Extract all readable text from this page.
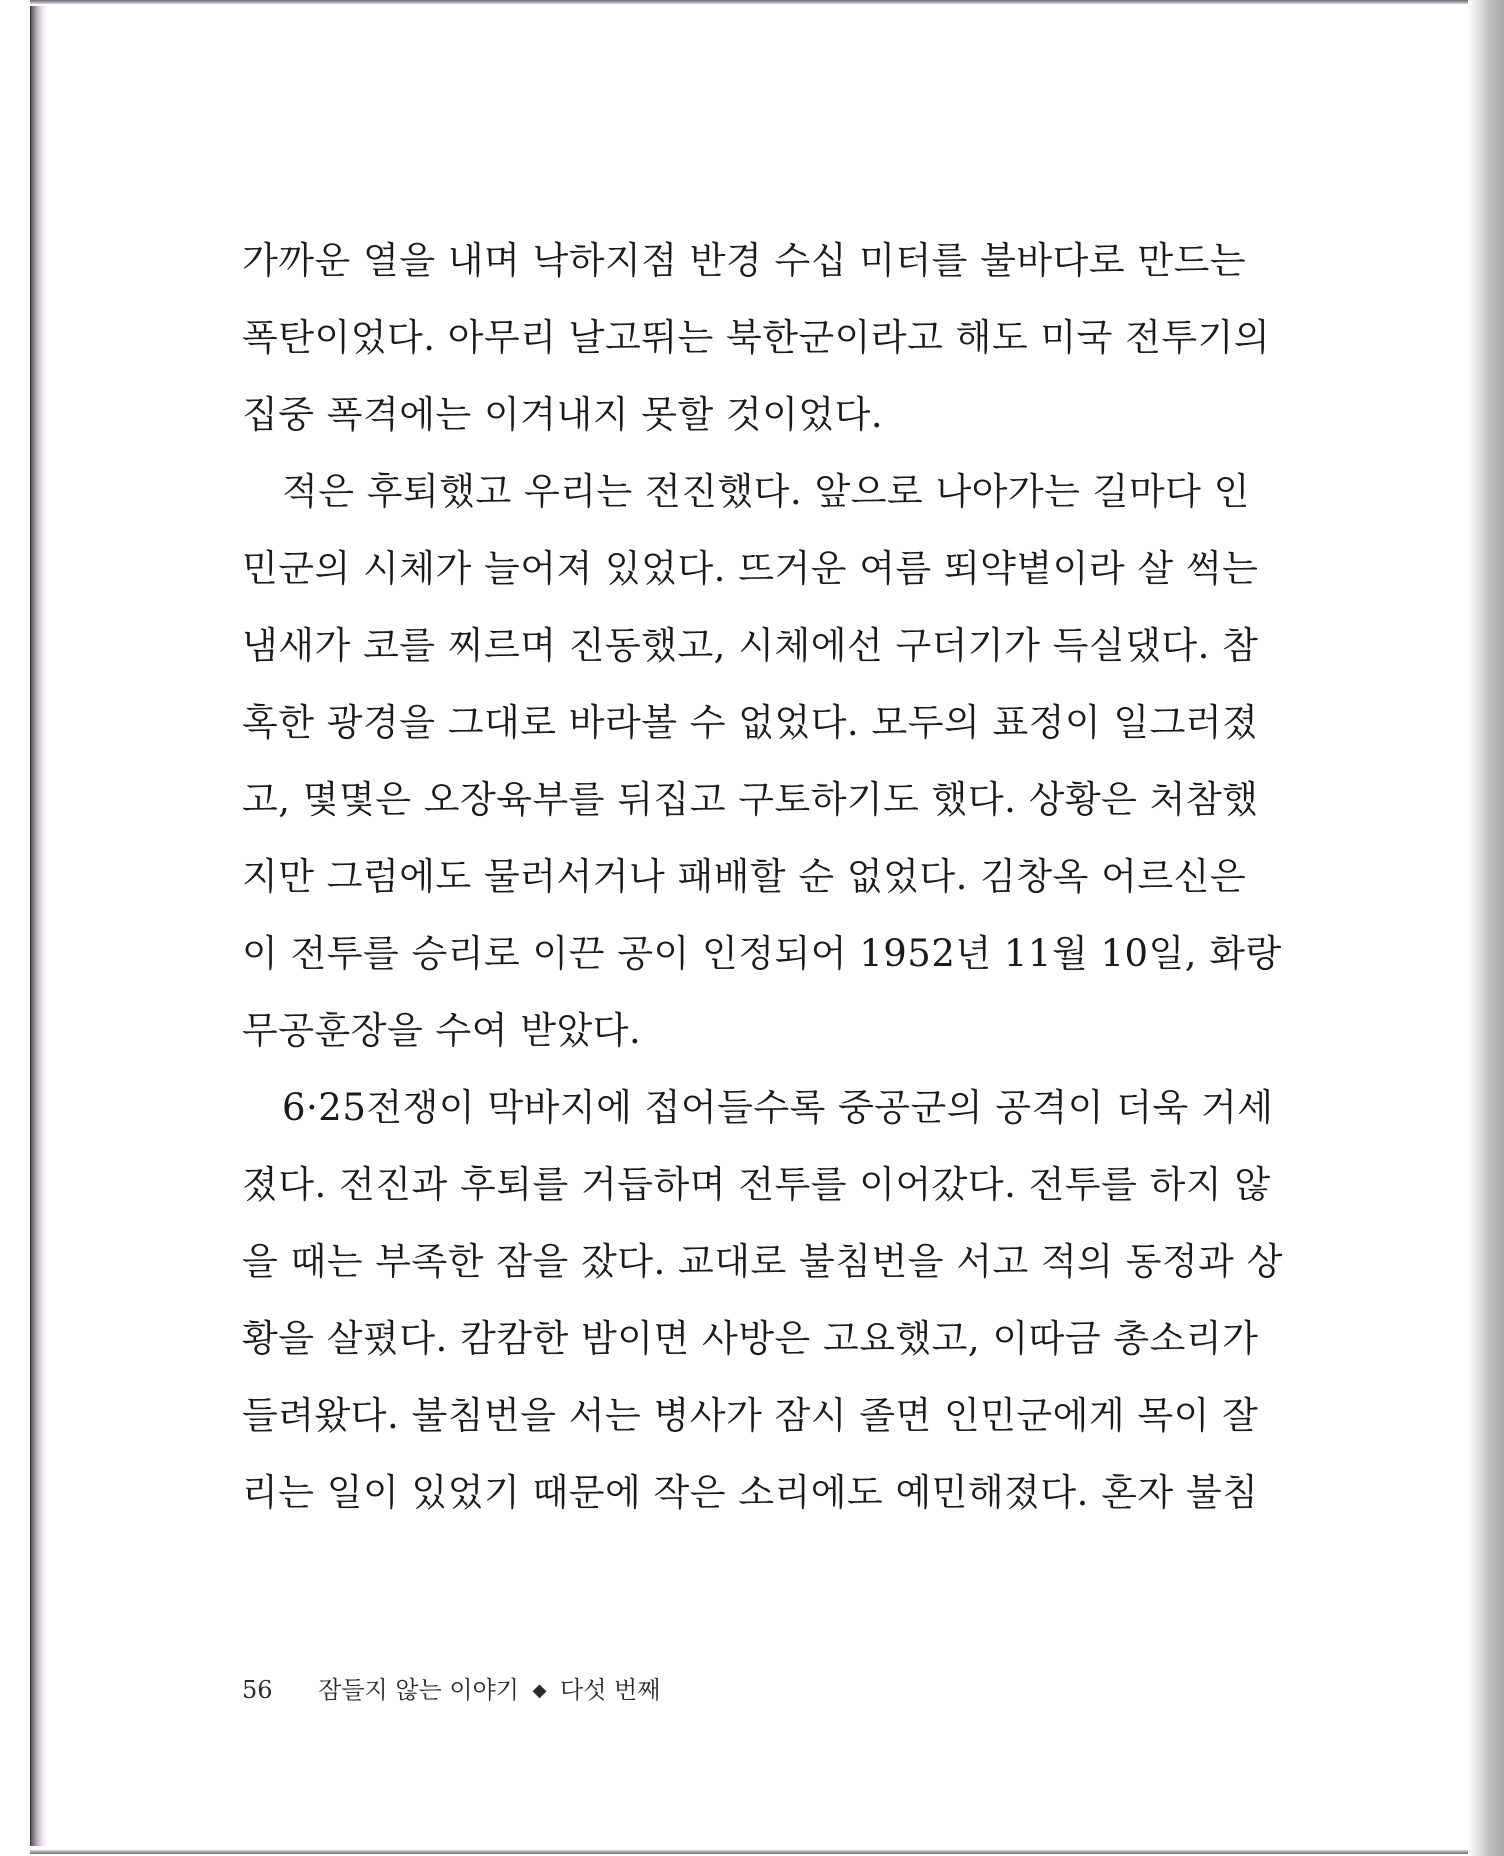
가까운 열을 내며 낙하지점 반경 수십 미터를 불바다로 만드는
폭탄이었다. 아무리 날고뛰는 북한군이라고 해도 미국 전투기의
집중 폭격에는 이겨내지 못할 것이었다.
적은 후퇴했고 우리는 전진했다. 앞으로 나아가는 길마다 인
민군의 시체가 늘어져 있었다. 뜨거운 여름 뙤약볕이라 살 썩는
냄새가 코를 찌르며 진동했고, 시체에선 구더기가 득실댔다. 참
혹한 광경을 그대로 바라볼 수 없었다. 모두의 표정이 일그러졌
고, 몇몇은 오장육부를 뒤집고 구토하기도 했다. 상황은 처참했
지만 그럼에도 물러서거나 패배할 순 없었다. 김창옥 어르신은
이 전투를 승리로 이끈 공이 인정되어 1952년 11월 10일, 화랑
무공훈장을 수여 받았다.
6·25전쟁이 막바지에 접어들수록 중공군의 공격이 더욱 거세
졌다. 전진과 후퇴를 거듭하며 전투를 이어갔다. 전투를 하지 않
을 때는 부족한 잠을 잤다. 교대로 불침번을 서고 적의 동정과 상
황을 살폈다. 캄캄한 밤이면 사방은 고요했고, 이따금 총소리가
들려왔다. 불침번을 서는 병사가 잠시 졸면 인민군에게 목이 잘
리는 일이 있었기 때문에 작은 소리에도 예민해졌다. 혼자 불침
56 잠들지 않는 이야기 ◆ 다섯 번째
